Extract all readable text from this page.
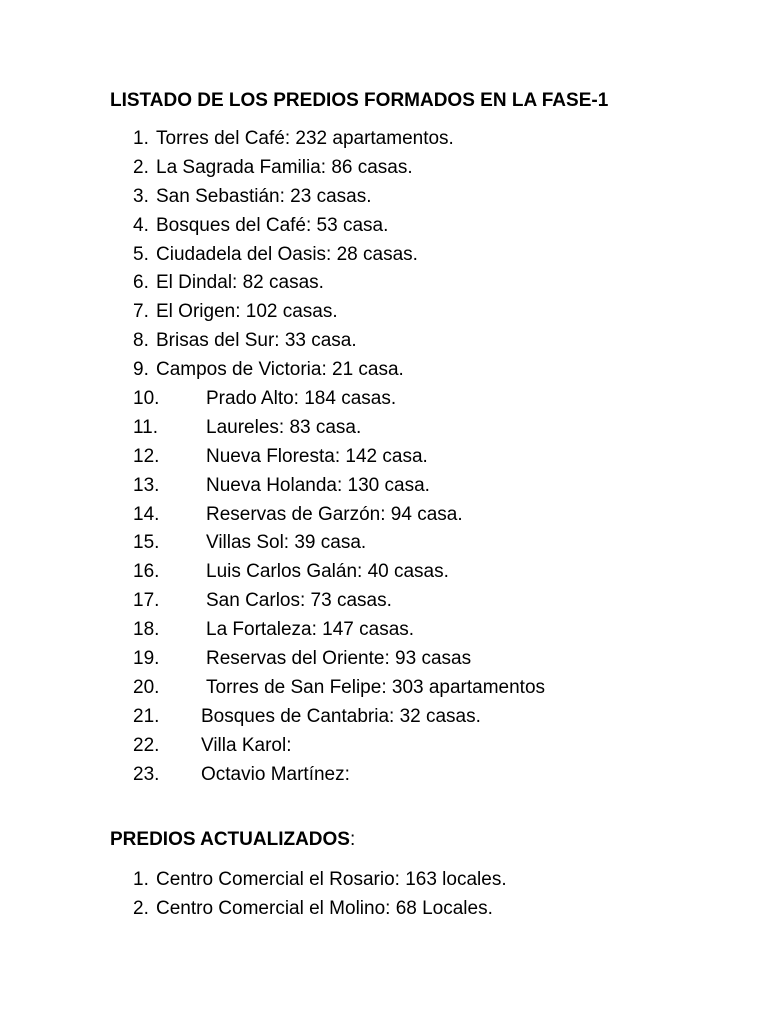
LISTADO DE LOS PREDIOS FORMADOS EN LA FASE-1
1. Torres del Café: 232 apartamentos.
2. La Sagrada Familia: 86 casas.
3. San Sebastián: 23 casas.
4. Bosques del Café: 53 casa.
5. Ciudadela del Oasis: 28 casas.
6. El Dindal: 82 casas.
7. El Origen: 102 casas.
8. Brisas del Sur: 33 casa.
9. Campos de Victoria: 21 casa.
10. Prado Alto: 184 casas.
11.	Laureles: 83 casa.
12. Nueva Floresta: 142 casa.
13. Nueva Holanda: 130 casa.
14. Reservas de Garzón: 94 casa.
15. Villas Sol: 39 casa.
16. Luis Carlos Galán: 40 casas.
17. San Carlos: 73 casas.
18. La Fortaleza: 147 casas.
19. Reservas del Oriente: 93 casas
20. Torres de San Felipe: 303 apartamentos
21. Bosques de Cantabria: 32 casas.
22. Villa Karol:
23. Octavio Martínez:
PREDIOS ACTUALIZADOS:
1. Centro Comercial el Rosario: 163 locales.
2. Centro Comercial el Molino: 68 Locales.
